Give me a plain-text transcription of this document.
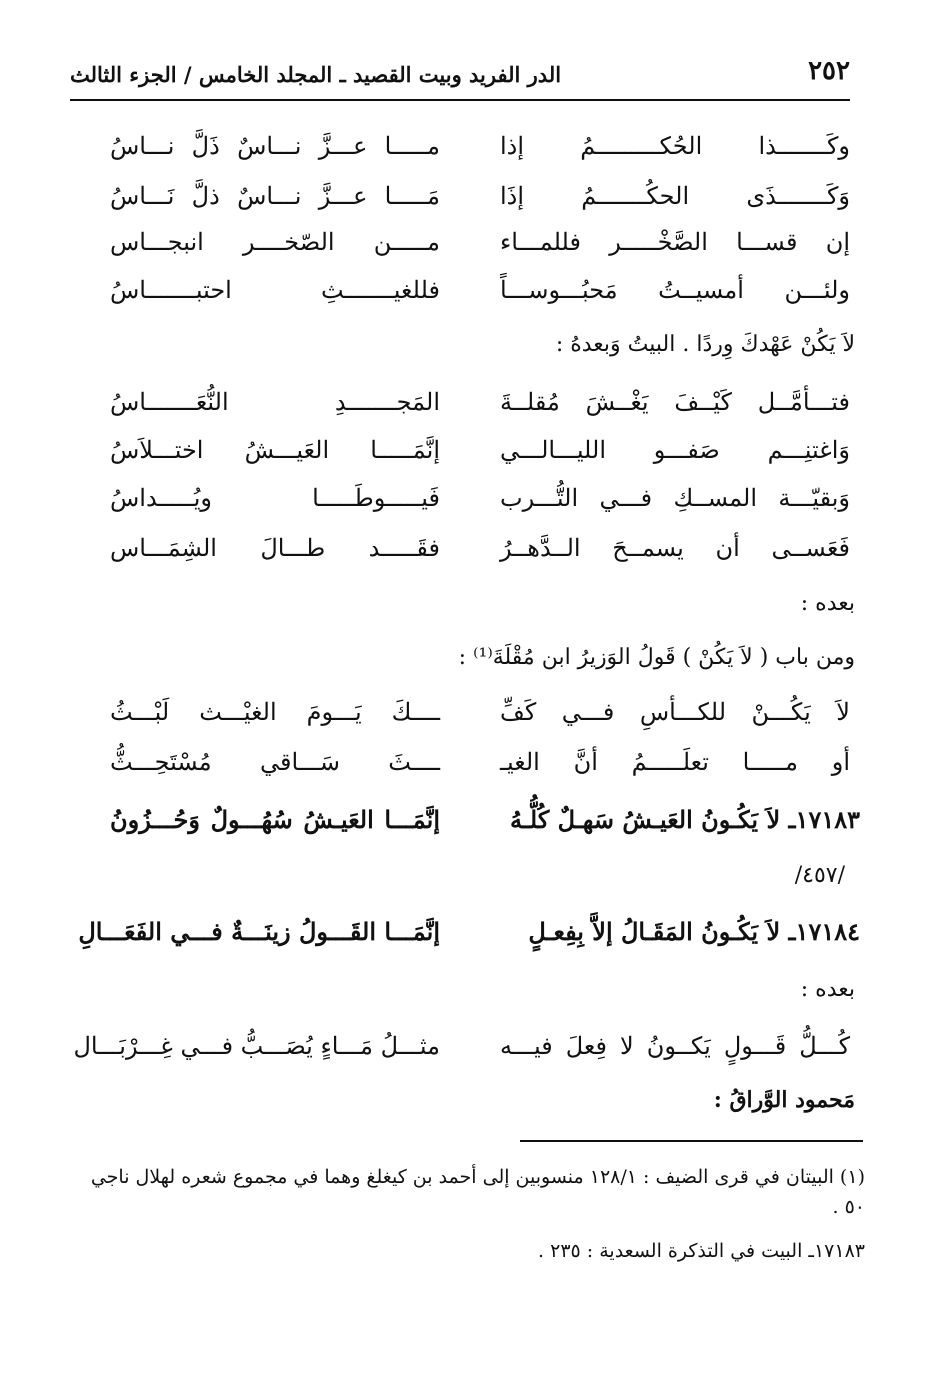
٢٥٢
الدر الفريد وبيت القصيد ـ المجلد الخامس / الجزء الثالث
وكَـــــــذا الحُكـــــــــمُ إذا
مـــــا عـــزَّ نـــاسٌ ذَلَّ نـــاسُ
وَكَـــــــذَى الحكُـــــــمُ إذَا
مَـــــا عـــزَّ نـــاسٌ ذلَّ نَـــاسُ
إن قســـا الصَّخْـــــر فللمـــاء
مـــــن الصّخــــر انبجـــاس
ولئـــن أمسيــتُ مَحبُـــوســـاً
فللغيـــــــثِ احتبـــــــاسُ
لاَ يَكُنْ عَهْدكَ وِردًا . البيتُ وَبعدهُ :
فتـــأمَّــل كَيْــفَ يَغْــشَ مُقلــةَ
المَجـــــــدِ النُّعَـــــــاسُ
وَاغتنِـــم صَفـــو الليـــالـــي
إنَّمَـــــا العَيـــشُ اختـــلاَسُ
وَبقيّـــة المســكِ فـــي التُّـــرب
فَيـــــوطَـــــا ويُـــــداسُ
فَعَســى أن يسمــحَ الــدَّهــرُ
فقَـــــد طـــالَ الشِمَـــاس
بعده :
ومن باب ( لاَ يَكُنْ ) قَولُ الوَزيرُ ابن مُقْلَةَ⁽¹⁾ :
لاَ يَكُـــنْ للكـــأسِ فـــي كَفِّ
ــــكَ يَـــومَ الغيْـــث لَبْـــثُ
أو مـــــا تعلَـــــمُ أنَّ الغيـ
ــــثَ سَـــاقي مُسْتَحِـــثُّ
١٧١٨٣ـ لاَ يَكُـونُ العَيـشُ سَهـلٌ كُلُّـهُ
إنَّمَـــا العَيـشُ سُهُـــولٌ وَحُـــزُونُ
/٤٥٧/
١٧١٨٤ـ لاَ يَكُـونُ المَقَـالُ إلاَّ بِفِعـلٍ
إنَّمَـــا القَـــولُ زينَـــةٌ فـــي الفَعَـــالِ
بعده :
كُـــلُّ قَـــولٍ يَكــونُ لا فِعلَ فيـــه
مثـــلُ مَـــاءٍ يُصَـــبُّ فـــي غِـــرْبَـــال
مَحمود الوَّراقُ :
(١) البيتان في قرى الضيف : ١٢٨/١ منسوبين إلى أحمد بن كيغلغ وهما في مجموع شعره لهلال ناجي ٥٠ .
١٧١٨٣ـ البيت في التذكرة السعدية : ٢٣٥ .
